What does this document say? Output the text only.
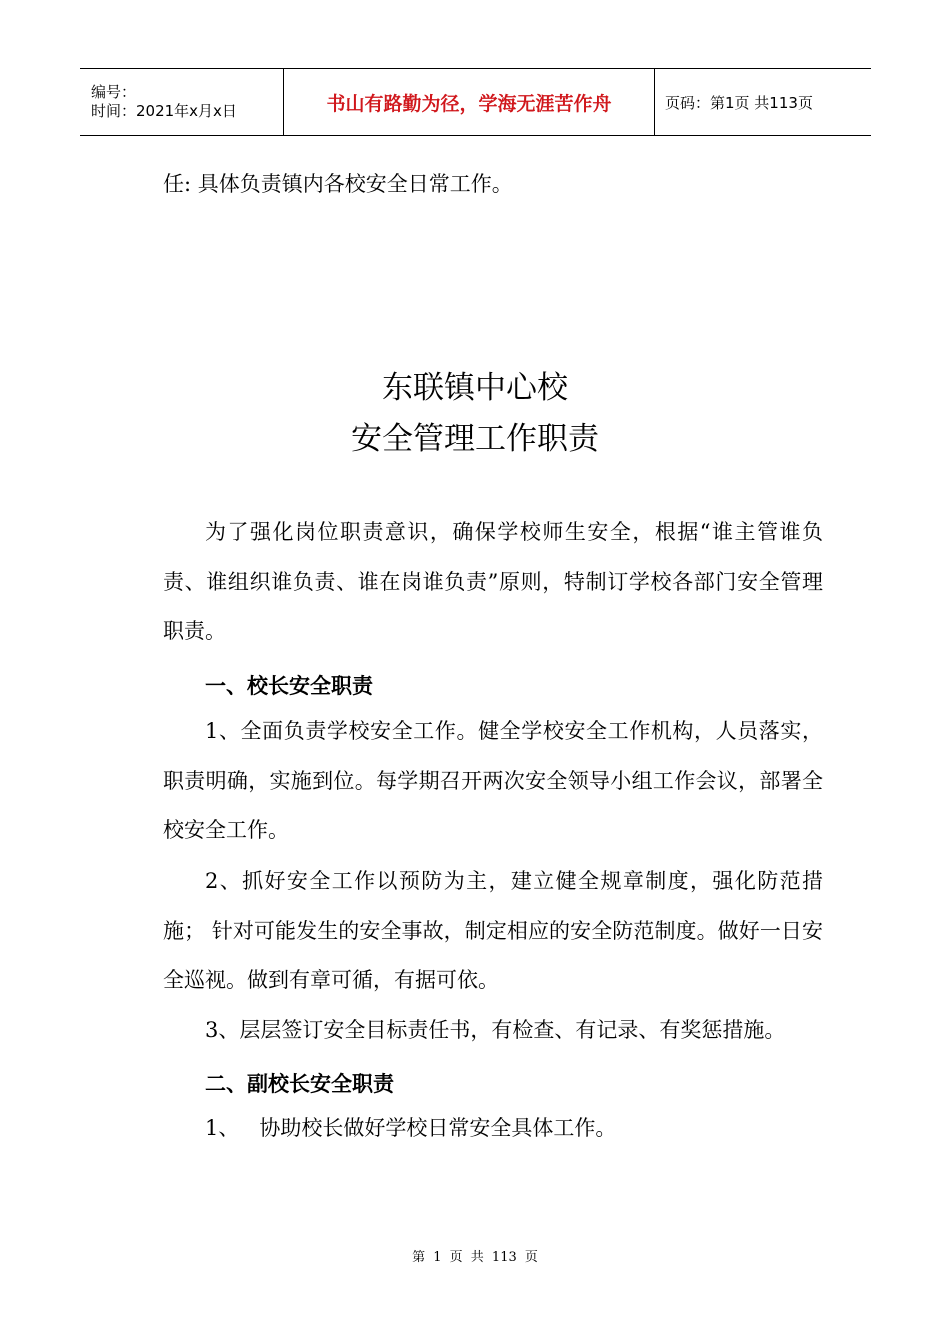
编号：
时间：2021年x月x日	书山有路勤为径，学海无涯苦作舟	页码：第1页 共113页
任: 具体负责镇内各校安全日常工作。
东联镇中心校
安全管理工作职责
为了强化岗位职责意识，确保学校师生安全，根据“谁主管谁负责、谁组织谁负责、谁在岗谁负责”原则，特制订学校各部门安全管理职责。
一、校长安全职责
1、全面负责学校安全工作。健全学校安全工作机构，人员落实，职责明确，实施到位。每学期召开两次安全领导小组工作会议，部署全校安全工作。
2、抓好安全工作以预防为主，建立健全规章制度，强化防范措施； 针对可能发生的安全事故，制定相应的安全防范制度。做好一日安全巡视。做到有章可循，有据可依。
3、层层签订安全目标责任书，有检查、有记录、有奖惩措施。
二、副校长安全职责
1、   协助校长做好学校日常安全具体工作。
第 1 页 共 113 页
